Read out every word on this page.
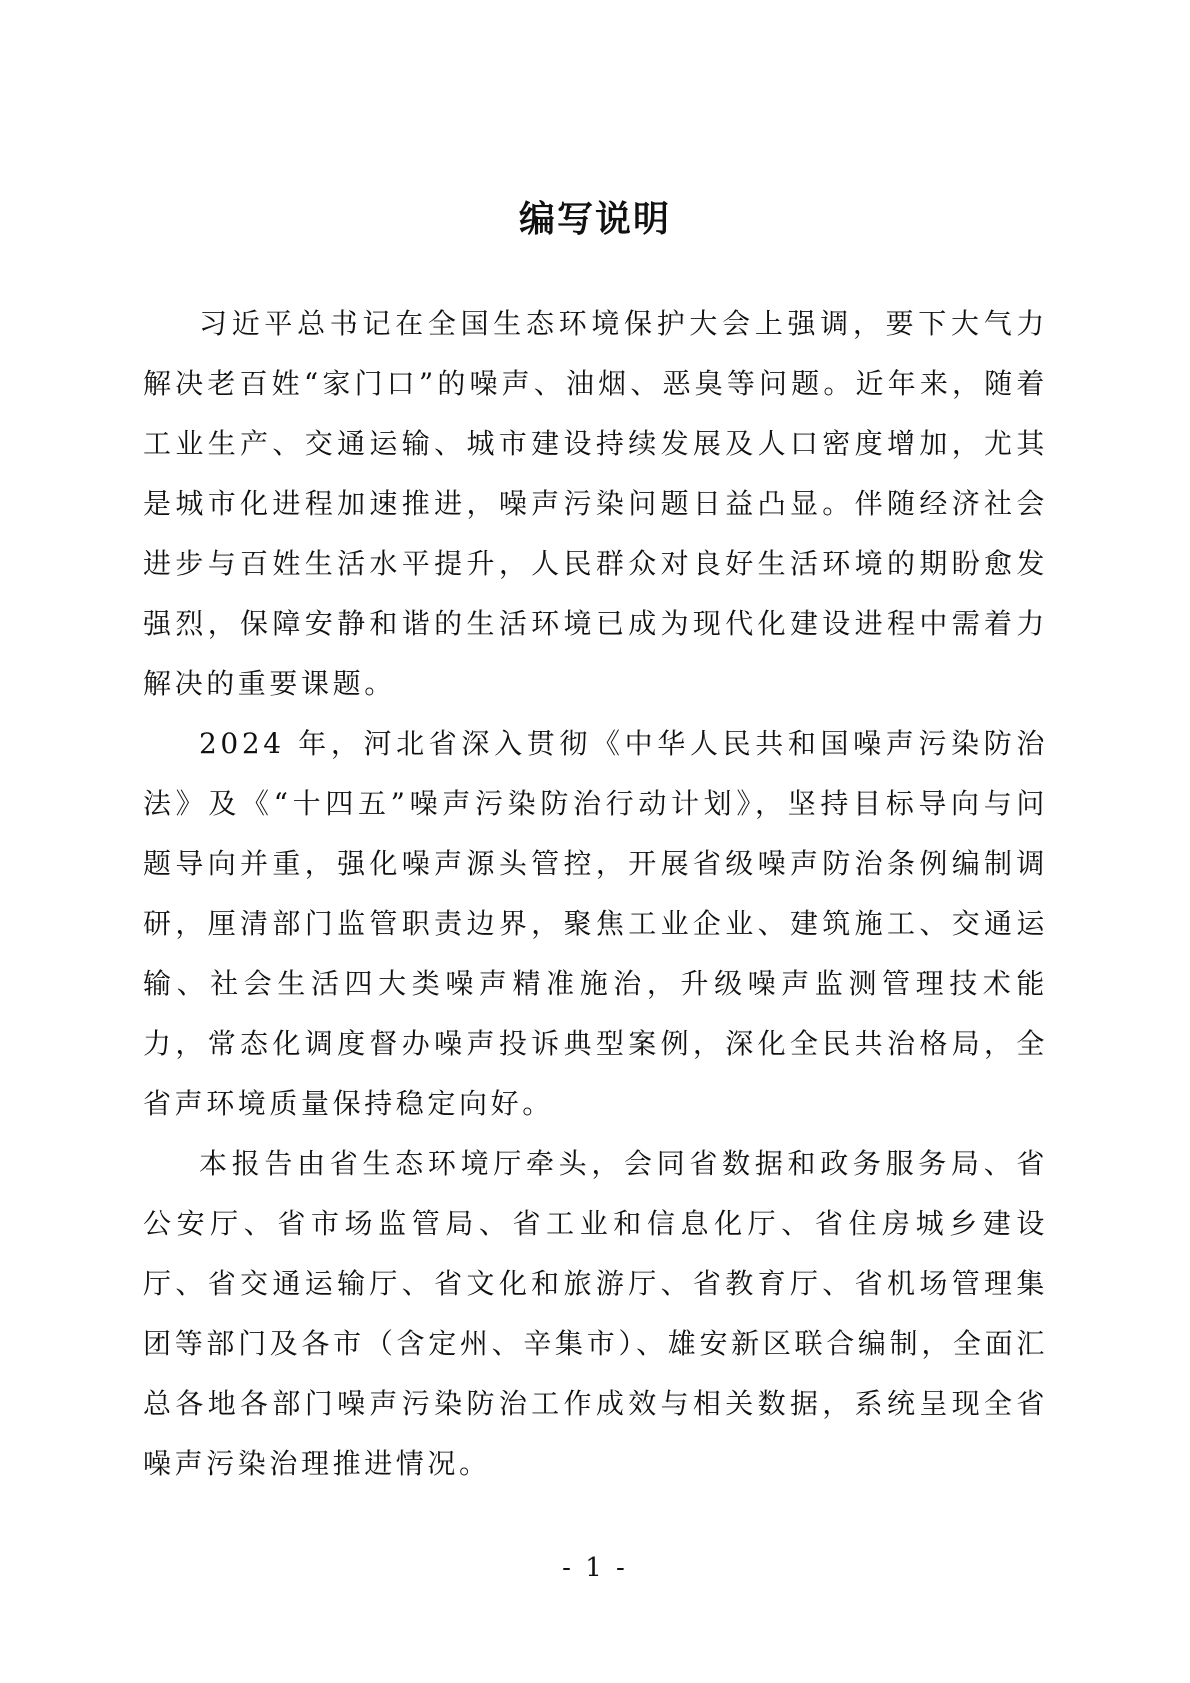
编写说明

习近平总书记在全国生态环境保护大会上强调，要下大气力解决老百姓“家门口”的噪声、油烟、恶臭等问题。近年来，随着工业生产、交通运输、城市建设持续发展及人口密度增加，尤其是城市化进程加速推进，噪声污染问题日益凸显。伴随经济社会进步与百姓生活水平提升，人民群众对良好生活环境的期盼愈发强烈，保障安静和谐的生活环境已成为现代化建设进程中需着力解决的重要课题。

2024 年，河北省深入贯彻《中华人民共和国噪声污染防治法》及《“十四五”噪声污染防治行动计划》，坚持目标导向与问题导向并重，强化噪声源头管控，开展省级噪声防治条例编制调研，厘清部门监管职责边界，聚焦工业企业、建筑施工、交通运输、社会生活四大类噪声精准施治，升级噪声监测管理技术能力，常态化调度督办噪声投诉典型案例，深化全民共治格局，全省声环境质量保持稳定向好。

本报告由省生态环境厅牵头，会同省数据和政务服务局、省公安厅、省市场监管局、省工业和信息化厅、省住房城乡建设厅、省交通运输厅、省文化和旅游厅、省教育厅、省机场管理集团等部门及各市（含定州、辛集市）、雄安新区联合编制，全面汇总各地各部门噪声污染防治工作成效与相关数据，系统呈现全省噪声污染治理推进情况。

- 1 -
